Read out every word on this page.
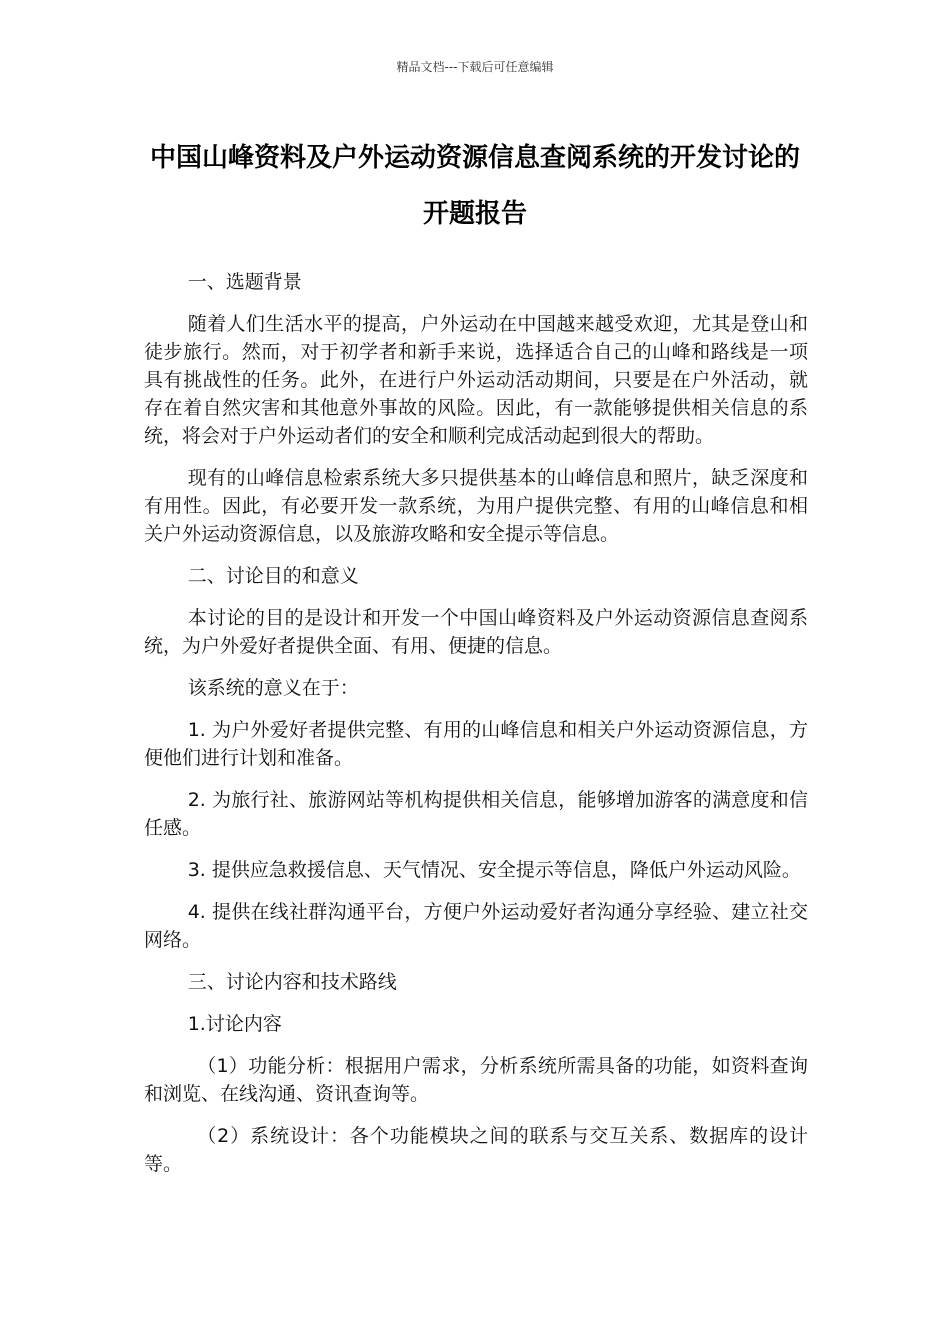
精品文档---下载后可任意编辑
中国山峰资料及户外运动资源信息查阅系统的开发讨论的开题报告

一、选题背景

随着人们生活水平的提高，户外运动在中国越来越受欢迎，尤其是登山和徒步旅行。然而，对于初学者和新手来说，选择适合自己的山峰和路线是一项具有挑战性的任务。此外，在进行户外运动活动期间，只要是在户外活动，就存在着自然灾害和其他意外事故的风险。因此，有一款能够提供相关信息的系统，将会对于户外运动者们的安全和顺利完成活动起到很大的帮助。

现有的山峰信息检索系统大多只提供基本的山峰信息和照片，缺乏深度和有用性。因此，有必要开发一款系统，为用户提供完整、有用的山峰信息和相关户外运动资源信息，以及旅游攻略和安全提示等信息。

二、讨论目的和意义

本讨论的目的是设计和开发一个中国山峰资料及户外运动资源信息查阅系统，为户外爱好者提供全面、有用、便捷的信息。

该系统的意义在于：

1. 为户外爱好者提供完整、有用的山峰信息和相关户外运动资源信息，方便他们进行计划和准备。

2. 为旅行社、旅游网站等机构提供相关信息，能够增加游客的满意度和信任感。

3. 提供应急救援信息、天气情况、安全提示等信息，降低户外运动风险。

4. 提供在线社群沟通平台，方便户外运动爱好者沟通分享经验、建立社交网络。

三、讨论内容和技术路线

1.讨论内容

（1）功能分析：根据用户需求，分析系统所需具备的功能，如资料查询和浏览、在线沟通、资讯查询等。

（2）系统设计：各个功能模块之间的联系与交互关系、数据库的设计等。
